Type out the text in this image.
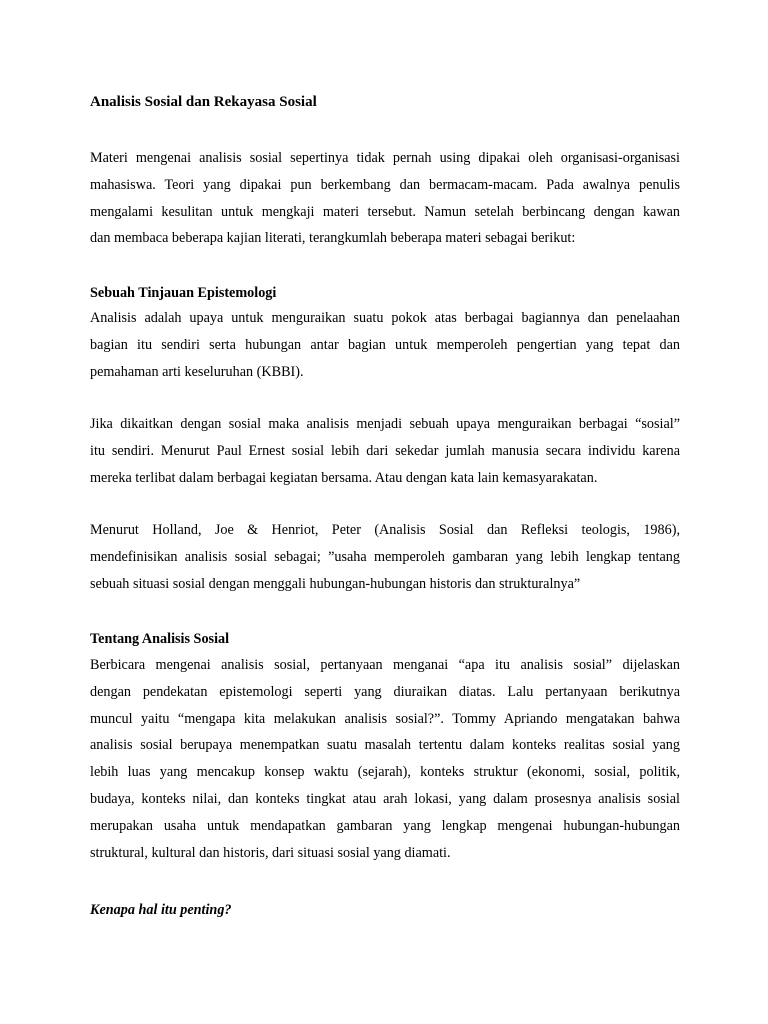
Analisis Sosial dan Rekayasa Sosial
Materi mengenai analisis sosial sepertinya tidak pernah using dipakai oleh organisasi-organisasi
mahasiswa. Teori yang dipakai pun berkembang dan bermacam-macam. Pada awalnya penulis
mengalami kesulitan untuk mengkaji materi tersebut. Namun setelah berbincang dengan kawan
dan membaca beberapa kajian literati, terangkumlah beberapa materi sebagai berikut:
Sebuah Tinjauan Epistemologi
Analisis adalah upaya untuk menguraikan suatu pokok atas berbagai bagiannya dan penelaahan
bagian itu sendiri serta hubungan antar bagian untuk memperoleh pengertian yang tepat dan
pemahaman arti keseluruhan (KBBI).
Jika dikaitkan dengan sosial maka analisis menjadi sebuah upaya menguraikan berbagai “sosial”
itu sendiri. Menurut Paul Ernest sosial lebih dari sekedar jumlah manusia secara individu karena
mereka terlibat dalam berbagai kegiatan bersama. Atau dengan kata lain kemasyarakatan.
Menurut Holland, Joe & Henriot, Peter (Analisis Sosial dan Refleksi teologis, 1986),
mendefinisikan analisis sosial sebagai; ”usaha memperoleh gambaran yang lebih lengkap tentang
sebuah situasi sosial dengan menggali hubungan-hubungan historis dan strukturalnya”
Tentang Analisis Sosial
Berbicara mengenai analisis sosial, pertanyaan menganai “apa itu analisis sosial” dijelaskan
dengan pendekatan epistemologi seperti yang diuraikan diatas. Lalu pertanyaan berikutnya
muncul yaitu “mengapa kita melakukan analisis sosial?”. Tommy Apriando mengatakan bahwa
analisis sosial berupaya menempatkan suatu masalah tertentu dalam konteks realitas sosial yang
lebih luas yang mencakup konsep waktu (sejarah), konteks struktur (ekonomi, sosial, politik,
budaya, konteks nilai, dan konteks tingkat atau arah lokasi, yang dalam prosesnya analisis sosial
merupakan usaha untuk mendapatkan gambaran yang lengkap mengenai hubungan-hubungan
struktural, kultural dan historis, dari situasi sosial yang diamati.
Kenapa hal itu penting?
